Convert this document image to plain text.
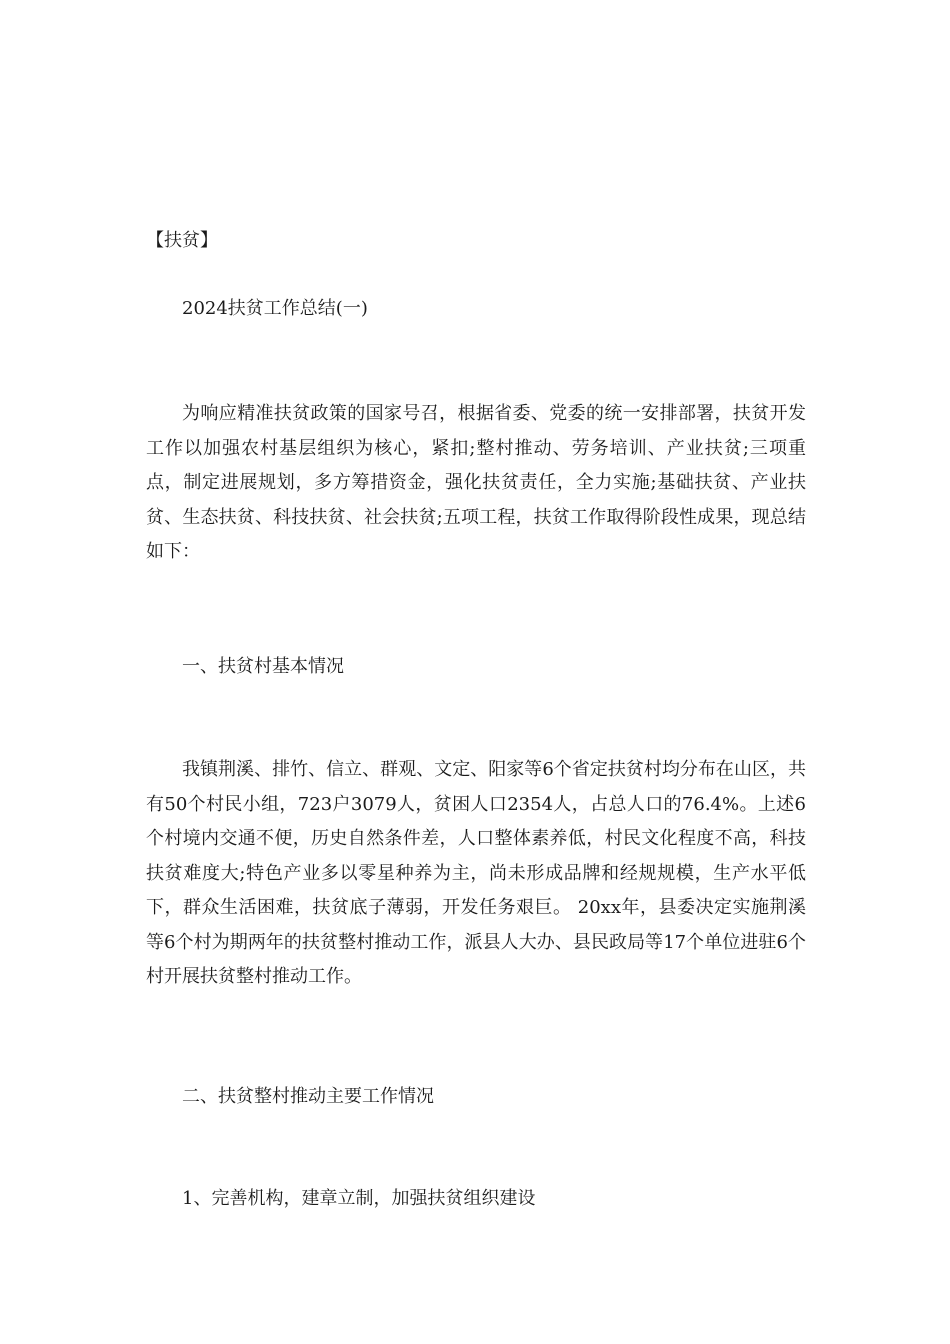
【扶贫】
2024扶贫工作总结(一)

为响应精准扶贫政策的国家号召，根据省委、党委的统一安排部署，扶贫开发工作以加强农村基层组织为核心，紧扣;整村推动、劳务培训、产业扶贫;三项重点，制定进展规划，多方筹措资金，强化扶贫责任，全力实施;基础扶贫、产业扶贫、生态扶贫、科技扶贫、社会扶贫;五项工程，扶贫工作取得阶段性成果，现总结如下：

一、扶贫村基本情况

我镇荆溪、排竹、信立、群观、文定、阳家等6个省定扶贫村均分布在山区，共有50个村民小组，723户3079人，贫困人口2354人，占总人口的76.4%。上述6个村境内交通不便，历史自然条件差，人口整体素养低，村民文化程度不高，科技扶贫难度大;特色产业多以零星种养为主，尚未形成品牌和经规规模，生产水平低下，群众生活困难，扶贫底子薄弱，开发任务艰巨。 20xx年，县委决定实施荆溪等6个村为期两年的扶贫整村推动工作，派县人大办、县民政局等17个单位进驻6个村开展扶贫整村推动工作。

二、扶贫整村推动主要工作情况
1、完善机构，建章立制，加强扶贫组织建设
